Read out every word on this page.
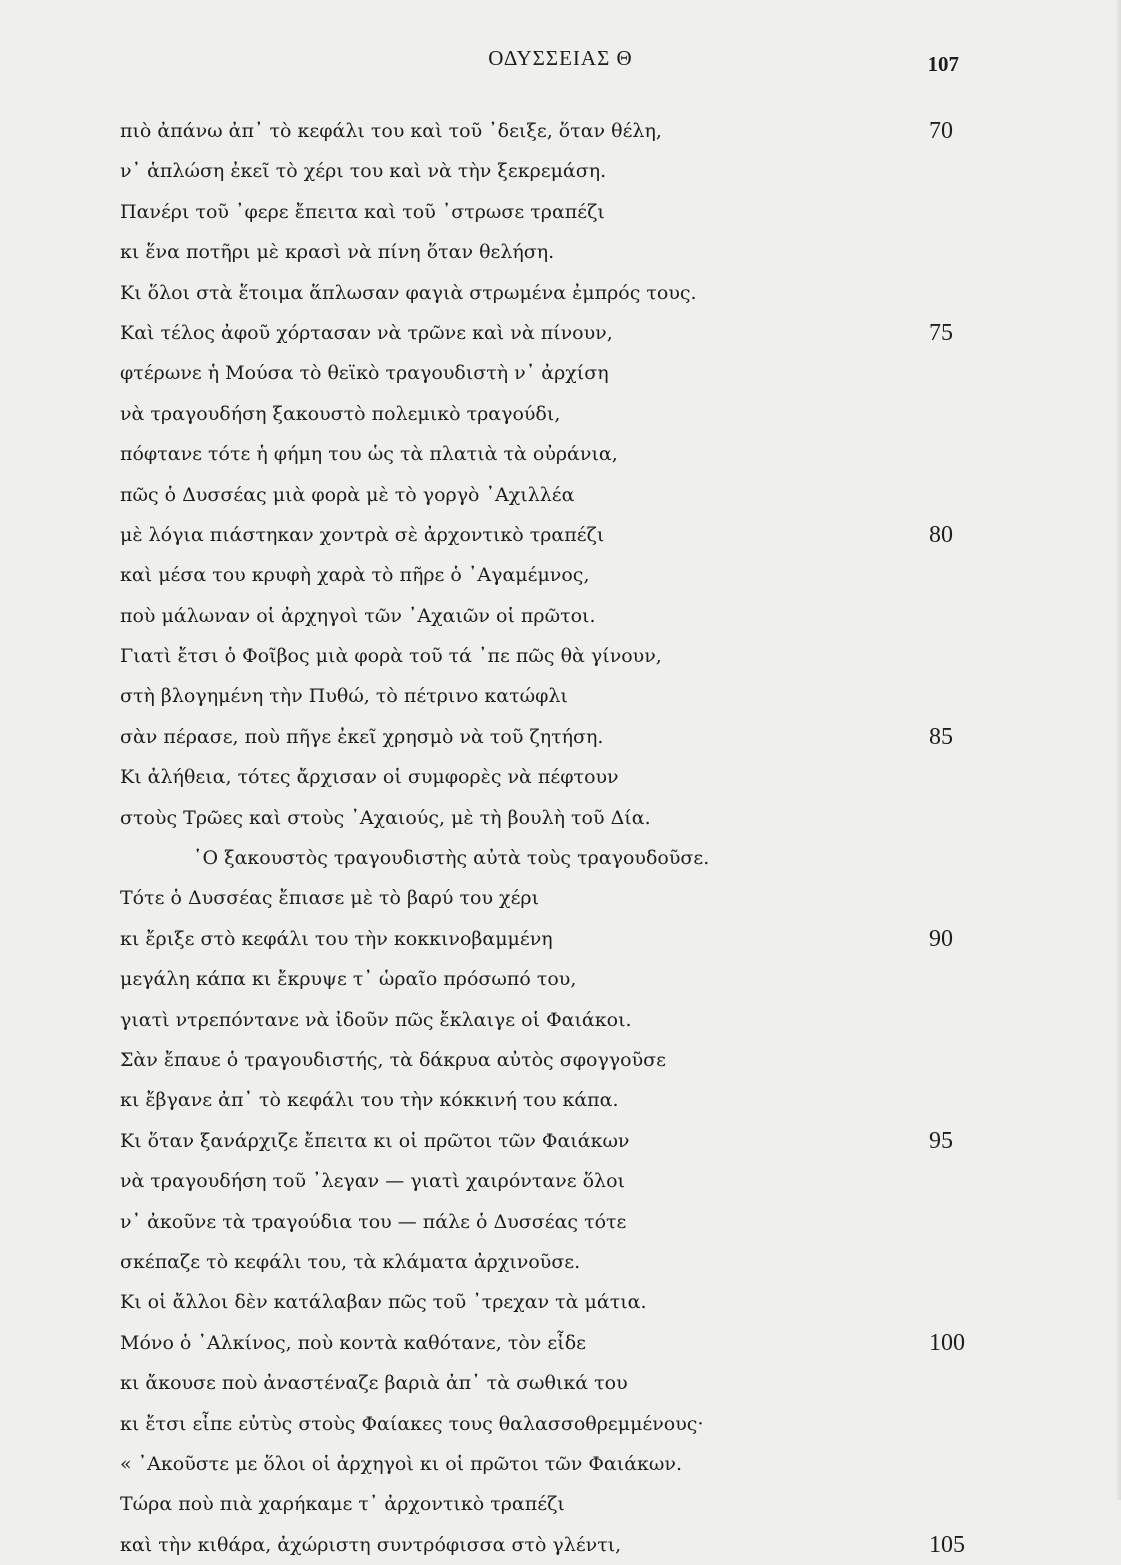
ΟΔΥΣΣΕΙΑΣ Θ	107
πιὸ ἀπάνω ἀπ᾽ τὸ κεφάλι του καὶ τοῦ ᾽δειξε, ὅταν θέλη,	70
ν᾽ ἁπλώση ἐκεῖ τὸ χέρι του καὶ νὰ τὴν ξεκρεμάση.
Πανέρι τοῦ ᾽φερε ἔπειτα καὶ τοῦ ᾽στρωσε τραπέζι
κι ἕνα ποτῆρι μὲ κρασὶ νὰ πίνη ὅταν θελήση.
Κι ὅλοι στὰ ἕτοιμα ἅπλωσαν φαγιὰ στρωμένα ἐμπρός τους.
Καὶ τέλος ἀφοῦ χόρτασαν νὰ τρῶνε καὶ νὰ πίνουν,	75
φτέρωνε ἡ Μούσα τὸ θεϊκὸ τραγουδιστὴ ν᾽ ἀρχίση
νὰ τραγουδήση ξακουστὸ πολεμικὸ τραγούδι,
πόφτανε τότε ἡ φήμη του ὡς τὰ πλατιὰ τὰ οὐράνια,
πῶς ὁ Δυσσέας μιὰ φορὰ μὲ τὸ γοργὸ ᾽Αχιλλέα
μὲ λόγια πιάστηκαν χοντρὰ σὲ ἀρχοντικὸ τραπέζι	80
καὶ μέσα του κρυφὴ χαρὰ τὸ πῆρε ὁ ᾽Αγαμέμνος,
ποὺ μάλωναν οἱ ἀρχηγοὶ τῶν ᾽Αχαιῶν οἱ πρῶτοι.
Γιατὶ ἔτσι ὁ Φοῖβος μιὰ φορὰ τοῦ τά ᾽πε πῶς θὰ γίνουν,
στὴ βλογημένη τὴν Πυθώ, τὸ πέτρινο κατώφλι
σὰν πέρασε, ποὺ πῆγε ἐκεῖ χρησμὸ νὰ τοῦ ζητήση.	85
Κι ἀλήθεια, τότες ἄρχισαν οἱ συμφορὲς νὰ πέφτουν
στοὺς Τρῶες καὶ στοὺς ᾽Αχαιούς, μὲ τὴ βουλὴ τοῦ Δία.
῾Ο ξακουστὸς τραγουδιστὴς αὐτὰ τοὺς τραγουδοῦσε.
Τότε ὁ Δυσσέας ἔπιασε μὲ τὸ βαρύ του χέρι
κι ἔριξε στὸ κεφάλι του τὴν κοκκινοβαμμένη	90
μεγάλη κάπα κι ἔκρυψε τ᾽ ὡραῖο πρόσωπό του,
γιατὶ ντρεπόντανε νὰ ἰδοῦν πῶς ἔκλαιγε οἱ Φαιάκοι.
Σὰν ἔπαυε ὁ τραγουδιστής, τὰ δάκρυα αὐτὸς σφογγοῦσε
κι ἔβγανε ἀπ᾽ τὸ κεφάλι του τὴν κόκκινή του κάπα.
Κι ὅταν ξανάρχιζε ἔπειτα κι οἱ πρῶτοι τῶν Φαιάκων	95
νὰ τραγουδήση τοῦ ᾽λεγαν — γιατὶ χαιρόντανε ὅλοι
ν᾽ ἀκοῦνε τὰ τραγούδια του — πάλε ὁ Δυσσέας τότε
σκέπαζε τὸ κεφάλι του, τὰ κλάματα ἀρχινοῦσε.
Κι οἱ ἄλλοι δὲν κατάλαβαν πῶς τοῦ ᾽τρεχαν τὰ μάτια.
Μόνο ὁ ᾽Αλκίνος, ποὺ κοντὰ καθότανε, τὸν εἶδε	100
κι ἄκουσε ποὺ ἀναστέναζε βαριὰ ἀπ᾽ τὰ σωθικά του
κι ἔτσι εἶπε εὐτὺς στοὺς Φαίακες τους θαλασσοθρεμμένους·
« ᾽Ακοῦστε με ὅλοι οἱ ἀρχηγοὶ κι οἱ πρῶτοι τῶν Φαιάκων.
Τώρα ποὺ πιὰ χαρήκαμε τ᾽ ἀρχοντικὸ τραπέζι
καὶ τὴν κιθάρα, ἀχώριστη συντρόφισσα στὸ γλέντι,	105
